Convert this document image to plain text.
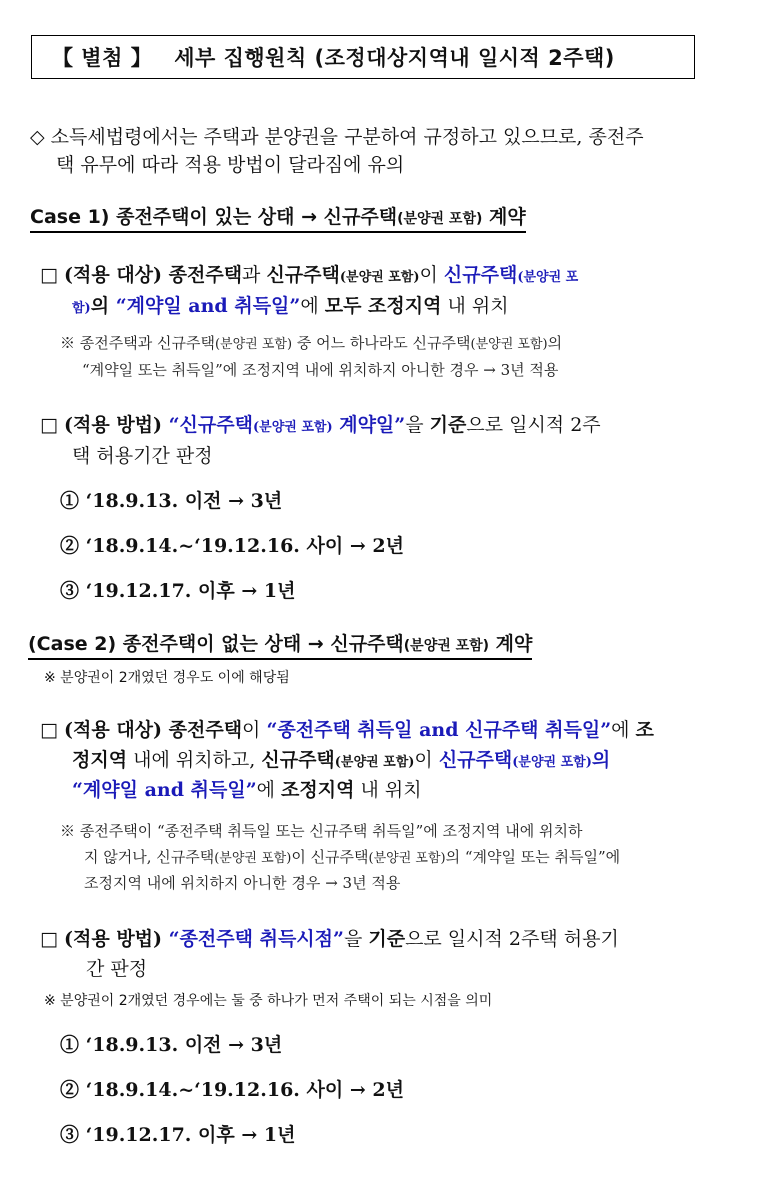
【 별첨 】 세부 집행원칙 (조정대상지역내 일시적 2주택)
◇ 소득세법령에서는 주택과 분양권을 구분하여 규정하고 있으므로, 종전주
택 유무에 따라 적용 방법이 달라짐에 유의
Case 1) 종전주택이 있는 상태 → 신규주택(분양권 포함) 계약
□ (적용 대상) 종전주택과 신규주택(분양권 포함)이 신규주택(분양권 포
함)의 “계약일 and 취득일”에 모두 조정지역 내 위치
※ 종전주택과 신규주택(분양권 포함) 중 어느 하나라도 신규주택(분양권 포함)의
“계약일 또는 취득일”에 조정지역 내에 위치하지 아니한 경우 → 3년 적용
□ (적용 방법) “신규주택(분양권 포함) 계약일”을 기준으로 일시적 2주
택 허용기간 판정
① ‘18.9.13. 이전 → 3년
② ‘18.9.14.~‘19.12.16. 사이 → 2년
③ ‘19.12.17. 이후 → 1년
(Case 2) 종전주택이 없는 상태 → 신규주택(분양권 포함) 계약
※ 분양권이 2개였던 경우도 이에 해당됨
□ (적용 대상) 종전주택이 “종전주택 취득일 and 신규주택 취득일”에 조
정지역 내에 위치하고, 신규주택(분양권 포함)이 신규주택(분양권 포함)의
“계약일 and 취득일”에 조정지역 내 위치
※ 종전주택이 “종전주택 취득일 또는 신규주택 취득일”에 조정지역 내에 위치하
지 않거나, 신규주택(분양권 포함)이 신규주택(분양권 포함)의 “계약일 또는 취득일”에
조정지역 내에 위치하지 아니한 경우 → 3년 적용
□ (적용 방법) “종전주택 취득시점”을 기준으로 일시적 2주택 허용기
간 판정
※ 분양권이 2개였던 경우에는 둘 중 하나가 먼저 주택이 되는 시점을 의미
① ‘18.9.13. 이전 → 3년
② ‘18.9.14.~‘19.12.16. 사이 → 2년
③ ‘19.12.17. 이후 → 1년
